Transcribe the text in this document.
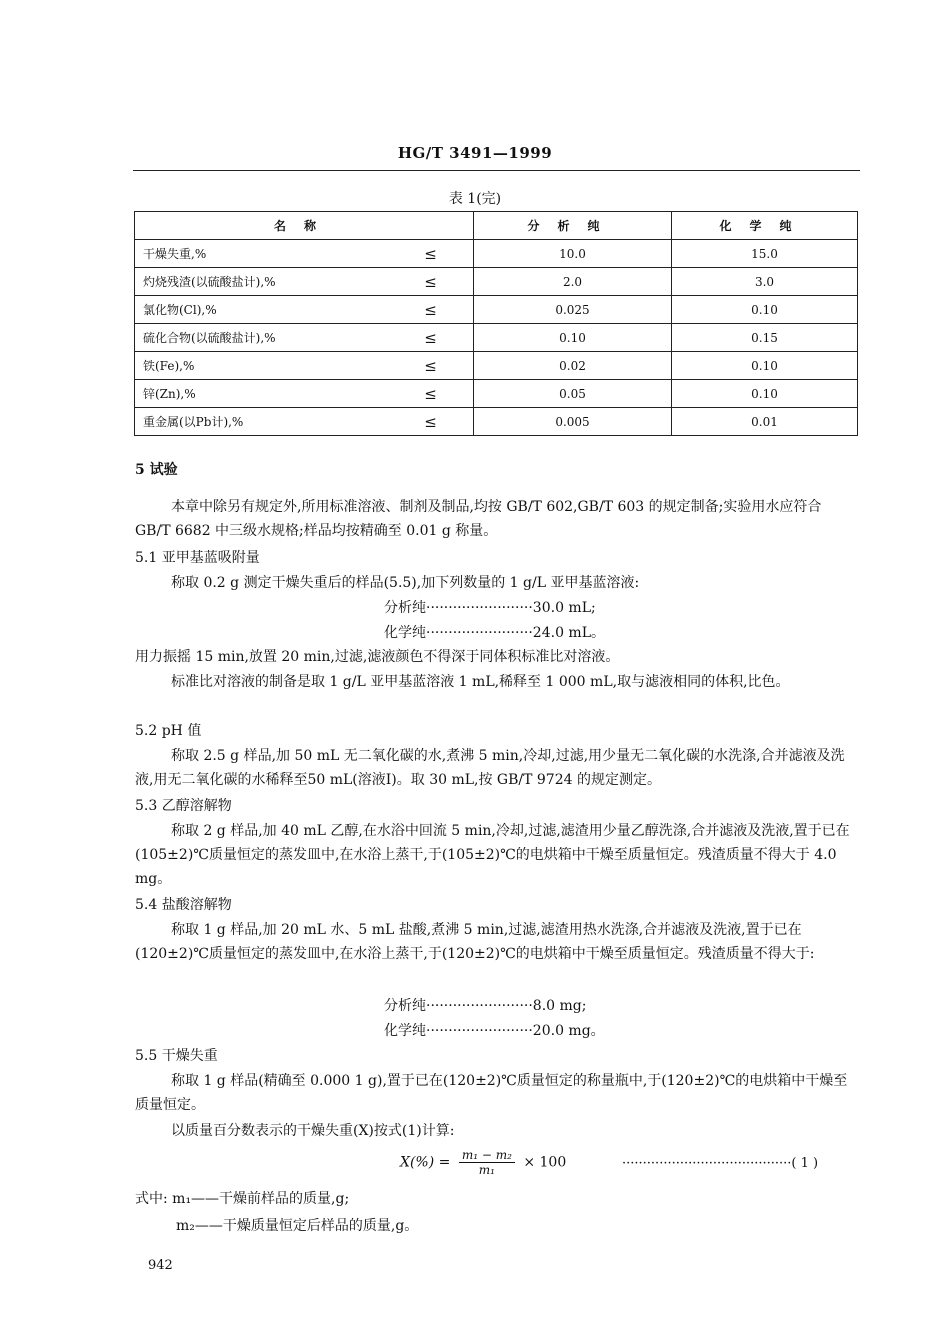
HG/T 3491—1999
表 1(完)
名称		分析纯	化学纯
干燥失重,%	≤	10.0	15.0
灼烧残渣(以硫酸盐计),%	≤	2.0	3.0
氯化物(Cl),%	≤	0.025	0.10
硫化合物(以硫酸盐计),%	≤	0.10	0.15
铁(Fe),%	≤	0.02	0.10
锌(Zn),%	≤	0.05	0.10
重金属(以Pb计),%	≤	0.005	0.01
5 试验
本章中除另有规定外,所用标准溶液、制剂及制品,均按 GB/T 602,GB/T 603 的规定制备;实验用水应符合 GB/T 6682 中三级水规格;样品均按精确至 0.01 g 称量。
5.1 亚甲基蓝吸附量
称取 0.2 g 测定干燥失重后的样品(5.5),加下列数量的 1 g/L 亚甲基蓝溶液:
分析纯························30.0 mL;
化学纯························24.0 mL。
用力振摇 15 min,放置 20 min,过滤,滤液颜色不得深于同体积标准比对溶液。
标准比对溶液的制备是取 1 g/L 亚甲基蓝溶液 1 mL,稀释至 1 000 mL,取与滤液相同的体积,比色。
5.2 pH 值
称取 2.5 g 样品,加 50 mL 无二氧化碳的水,煮沸 5 min,冷却,过滤,用少量无二氧化碳的水洗涤,合并滤液及洗液,用无二氧化碳的水稀释至50 mL(溶液Ⅰ)。取 30 mL,按 GB/T 9724 的规定测定。
5.3 乙醇溶解物
称取 2 g 样品,加 40 mL 乙醇,在水浴中回流 5 min,冷却,过滤,滤渣用少量乙醇洗涤,合并滤液及洗液,置于已在(105±2)℃质量恒定的蒸发皿中,在水浴上蒸干,于(105±2)℃的电烘箱中干燥至质量恒定。残渣质量不得大于 4.0 mg。
5.4 盐酸溶解物
称取 1 g 样品,加 20 mL 水、5 mL 盐酸,煮沸 5 min,过滤,滤渣用热水洗涤,合并滤液及洗液,置于已在(120±2)℃质量恒定的蒸发皿中,在水浴上蒸干,于(120±2)℃的电烘箱中干燥至质量恒定。残渣质量不得大于:
分析纯························8.0 mg;
化学纯························20.0 mg。
5.5 干燥失重
称取 1 g 样品(精确至 0.000 1 g),置于已在(120±2)℃质量恒定的称量瓶中,于(120±2)℃的电烘箱中干燥至质量恒定。
以质量百分数表示的干燥失重(X)按式(1)计算:
$X(\%) = \frac{\text{m₁ − m₂}}{\text{m₁}} \times 100$	·········································( 1 )
式中: m₁——干燥前样品的质量,g;
m₂——干燥质量恒定后样品的质量,g。
942
